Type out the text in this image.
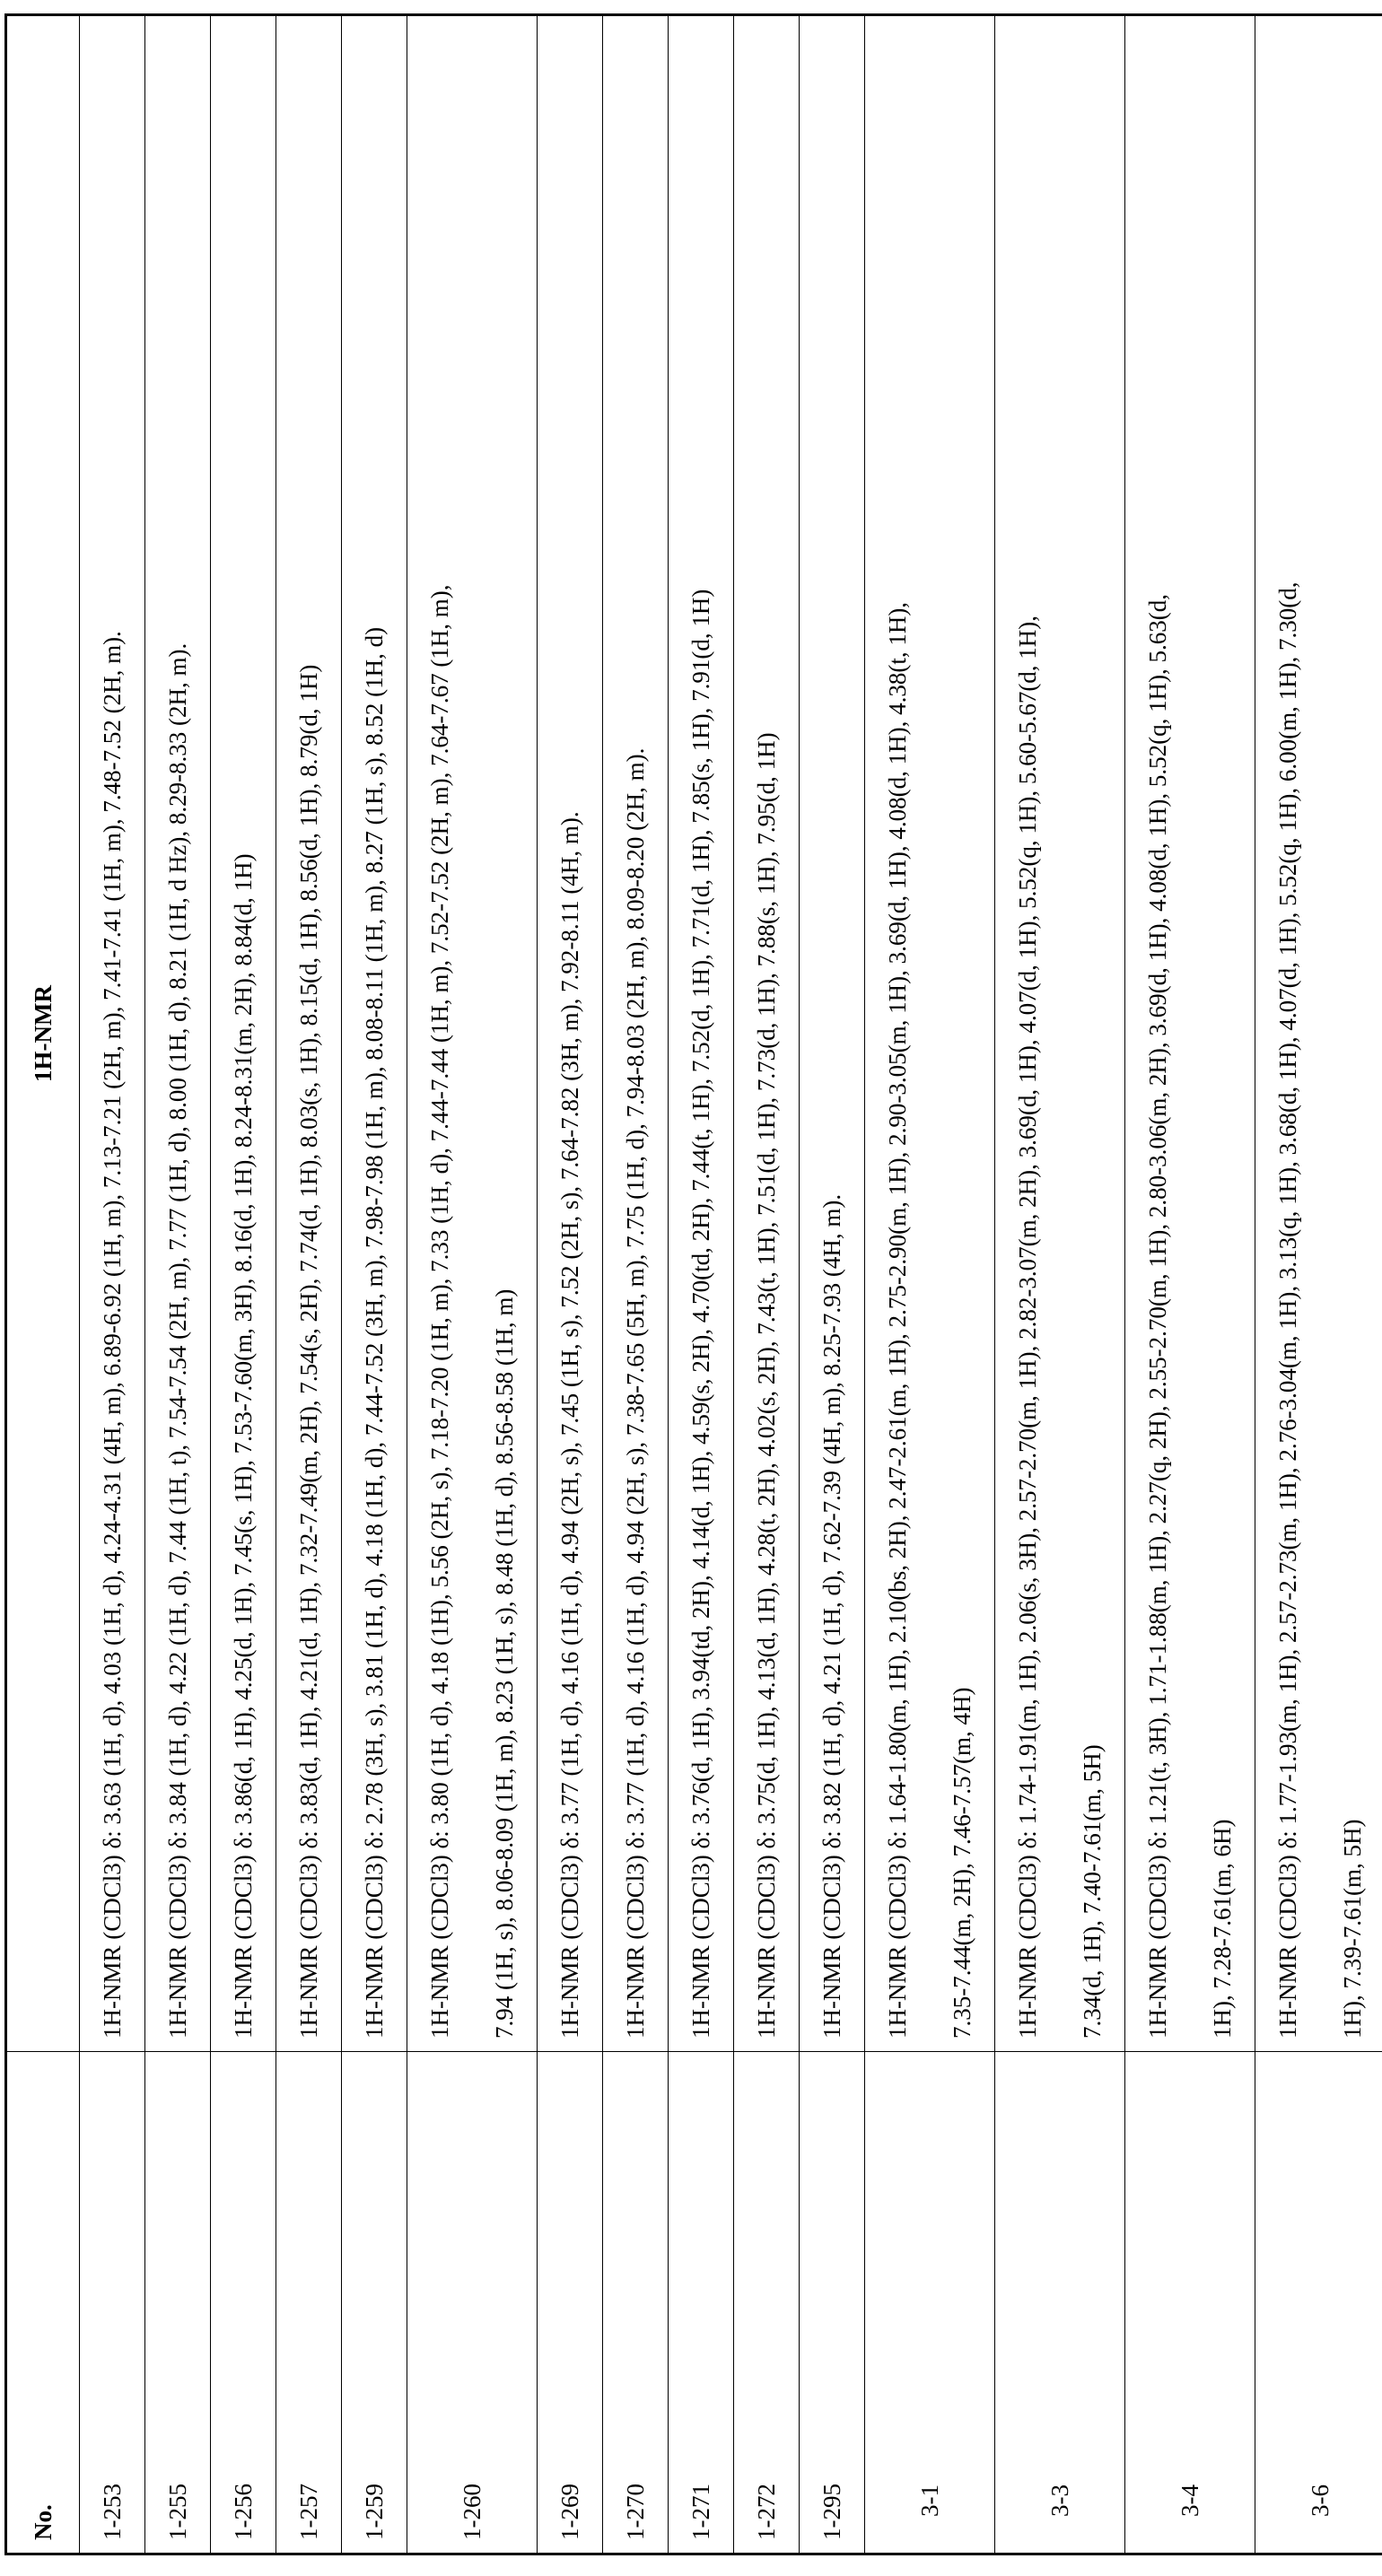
No.	1H-NMR
1-253	1H-NMR (CDCl3) δ: 3.63 (1H, d), 4.03 (1H, d), 4.24-4.31 (4H, m), 6.89-6.92 (1H, m), 7.13-7.21 (2H, m), 7.41-7.41 (1H, m), 7.48-7.52 (2H, m).
1-255	1H-NMR (CDCl3) δ: 3.84 (1H, d), 4.22 (1H, d), 7.44 (1H, t), 7.54-7.54 (2H, m), 7.77 (1H, d), 8.00 (1H, d), 8.21 (1H, d Hz), 8.29-8.33 (2H, m).
1-256	1H-NMR (CDCl3) δ: 3.86(d, 1H), 4.25(d, 1H), 7.45(s, 1H), 7.53-7.60(m, 3H), 8.16(d, 1H), 8.24-8.31(m, 2H), 8.84(d, 1H)
1-257	1H-NMR (CDCl3) δ: 3.83(d, 1H), 4.21(d, 1H), 7.32-7.49(m, 2H), 7.54(s, 2H), 7.74(d, 1H), 8.03(s, 1H), 8.15(d, 1H), 8.56(d, 1H), 8.79(d, 1H)
1-259	1H-NMR (CDCl3) δ: 2.78 (3H, s), 3.81 (1H, d), 4.18 (1H, d), 7.44-7.52 (3H, m), 7.98-7.98 (1H, m), 8.08-8.11 (1H, m), 8.27 (1H, s), 8.52 (1H, d)
1-260	1H-NMR (CDCl3) δ: 3.80 (1H, d), 4.18 (1H), 5.56 (2H, s), 7.18-7.20 (1H, m), 7.33 (1H, d), 7.44-7.44 (1H, m), 7.52-7.52 (2H, m), 7.64-7.67 (1H, m), 7.94 (1H, s), 8.06-8.09 (1H, m), 8.23 (1H, s), 8.48 (1H, d), 8.56-8.58 (1H, m)
1-269	1H-NMR (CDCl3) δ: 3.77 (1H, d), 4.16 (1H, d), 4.94 (2H, s), 7.45 (1H, s), 7.52 (2H, s), 7.64-7.82 (3H, m), 7.92-8.11 (4H, m).
1-270	1H-NMR (CDCl3) δ: 3.77 (1H, d), 4.16 (1H, d), 4.94 (2H, s), 7.38-7.65 (5H, m), 7.75 (1H, d), 7.94-8.03 (2H, m), 8.09-8.20 (2H, m).
1-271	1H-NMR (CDCl3) δ: 3.76(d, 1H), 3.94(td, 2H), 4.14(d, 1H), 4.59(s, 2H), 4.70(td, 2H), 7.44(t, 1H), 7.52(d, 1H), 7.71(d, 1H), 7.85(s, 1H), 7.91(d, 1H)
1-272	1H-NMR (CDCl3) δ: 3.75(d, 1H), 4.13(d, 1H), 4.28(t, 2H), 4.02(s, 2H), 7.43(t, 1H), 7.51(d, 1H), 7.73(d, 1H), 7.88(s, 1H), 7.95(d, 1H)
1-295	1H-NMR (CDCl3) δ: 3.82 (1H, d), 4.21 (1H, d), 7.62-7.39 (4H, m), 8.25-7.93 (4H, m).
3-1	1H-NMR (CDCl3) δ: 1.64-1.80(m, 1H), 2.10(bs, 2H), 2.47-2.61(m, 1H), 2.75-2.90(m, 1H), 2.90-3.05(m, 1H), 3.69(d, 1H), 4.08(d, 1H), 4.38(t, 1H), 7.35-7.44(m, 2H), 7.46-7.57(m, 4H)
3-3	1H-NMR (CDCl3) δ: 1.74-1.91(m, 1H), 2.06(s, 3H), 2.57-2.70(m, 1H), 2.82-3.07(m, 2H), 3.69(d, 1H), 4.07(d, 1H), 5.52(q, 1H), 5.60-5.67(d, 1H), 7.34(d, 1H), 7.40-7.61(m, 5H)
3-4	1H-NMR (CDCl3) δ: 1.21(t, 3H), 1.71-1.88(m, 1H), 2.27(q, 2H), 2.55-2.70(m, 1H), 2.80-3.06(m, 2H), 3.69(d, 1H), 4.08(d, 1H), 5.52(q, 1H), 5.63(d, 1H), 7.28-7.61(m, 6H)
3-6	1H-NMR (CDCl3) δ: 1.77-1.93(m, 1H), 2.57-2.73(m, 1H), 2.76-3.04(m, 1H), 3.13(q, 1H), 3.68(d, 1H), 4.07(d, 1H), 5.52(q, 1H), 6.00(m, 1H), 7.30(d, 1H), 7.39-7.61(m, 5H)
